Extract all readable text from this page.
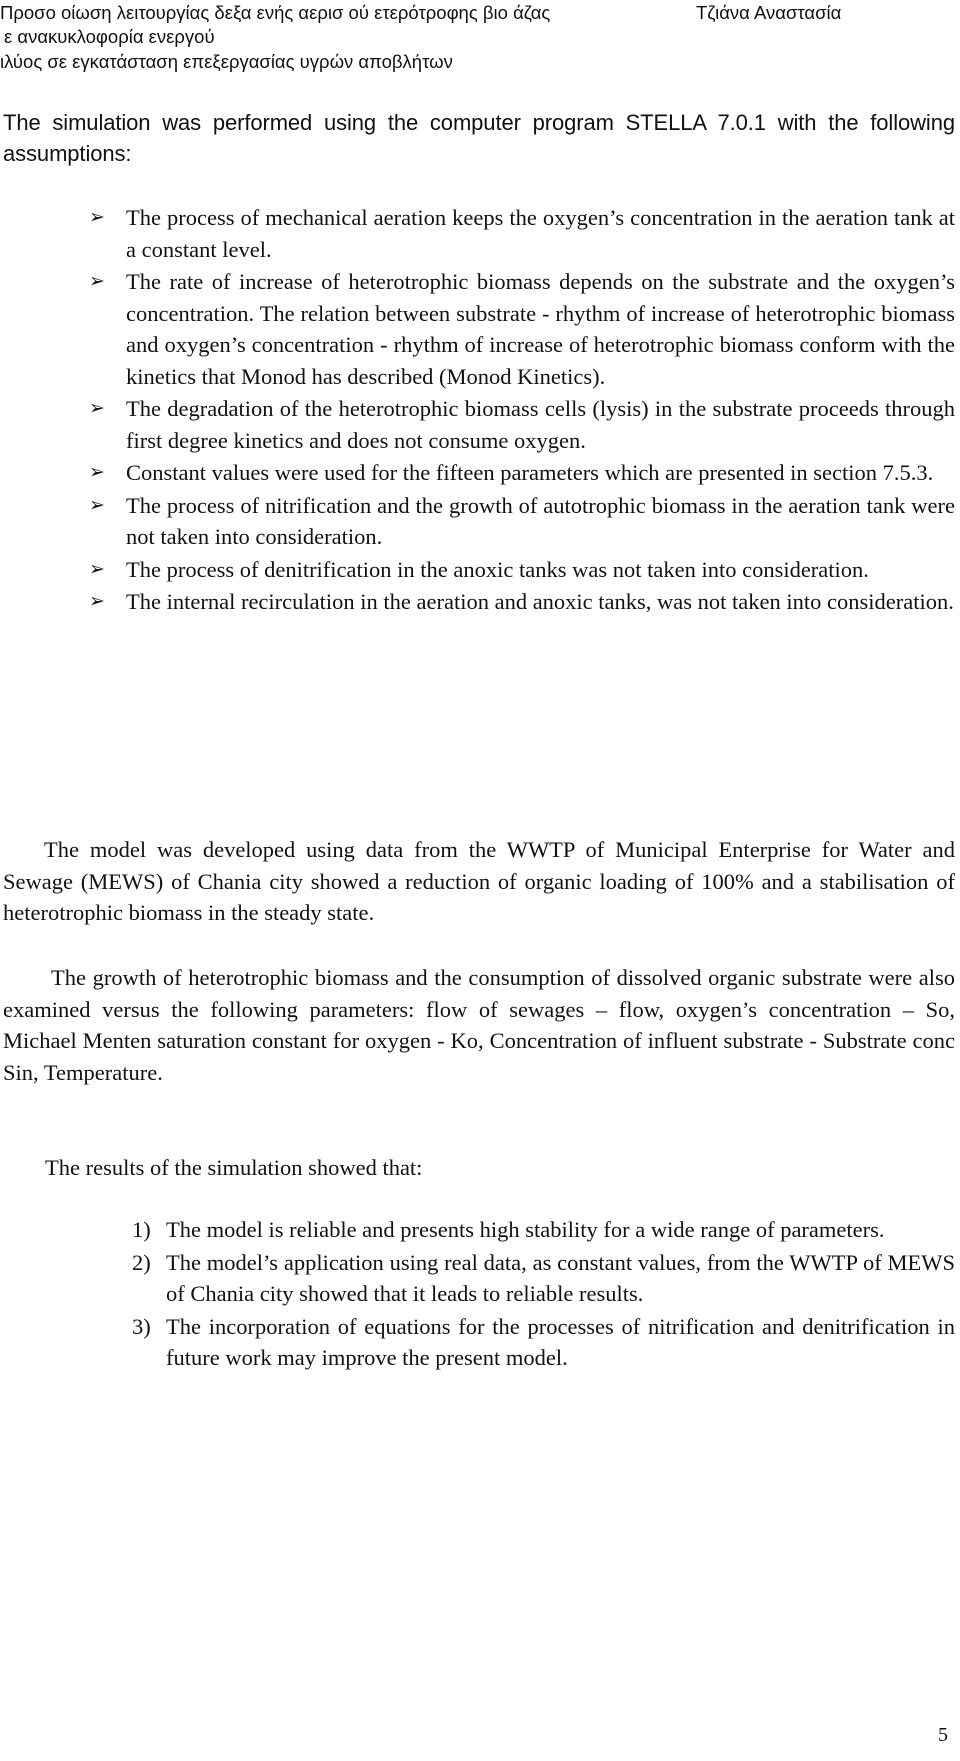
Προσο οίωση λειτουργίας δεξα ενής αερισ ού ετερότροφης βιο άζας
ε ανακυκλοφορία ενεργού
ιλύος σε εγκατάσταση επεξεργασίας υγρών αποβλήτων
Τζιάνα Αναστασία

The simulation was performed using the computer program STELLA 7.0.1 with the following assumptions:

➢ The process of mechanical aeration keeps the oxygen’s concentration in the aeration tank at a constant level.
➢ The rate of increase of heterotrophic biomass depends on the substrate and the oxygen’s concentration. The relation between substrate - rhythm of increase of heterotrophic biomass and oxygen’s concentration - rhythm of increase of heterotrophic biomass conform with the kinetics that Monod has described (Monod Kinetics).
➢ The degradation of the heterotrophic biomass cells (lysis) in the substrate proceeds through first degree kinetics and does not consume oxygen.
➢ Constant values were used for the fifteen parameters which are presented in section 7.5.3.
➢ The process of nitrification and the growth of autotrophic biomass in the aeration tank were not taken into consideration.
➢ The process of denitrification in the anoxic tanks was not taken into consideration.
➢ The internal recirculation in the aeration and anoxic tanks, was not taken into consideration.

The model was developed using data from the WWTP of Municipal Enterprise for Water and Sewage (MEWS) of Chania city showed a reduction of organic loading of 100% and a stabilisation of heterotrophic biomass in the steady state.

The growth of heterotrophic biomass and the consumption of dissolved organic substrate were also examined versus the following parameters: flow of sewages – flow, oxygen’s concentration – So, Michael Menten saturation constant for oxygen - Ko, Concentration of influent substrate - Substrate conc Sin, Temperature.

The results of the simulation showed that:

1) The model is reliable and presents high stability for a wide range of parameters.
2) The model’s application using real data, as constant values, from the WWTP of MEWS of Chania city showed that it leads to reliable results.
3) The incorporation of equations for the processes of nitrification and denitrification in future work may improve the present model.
5
